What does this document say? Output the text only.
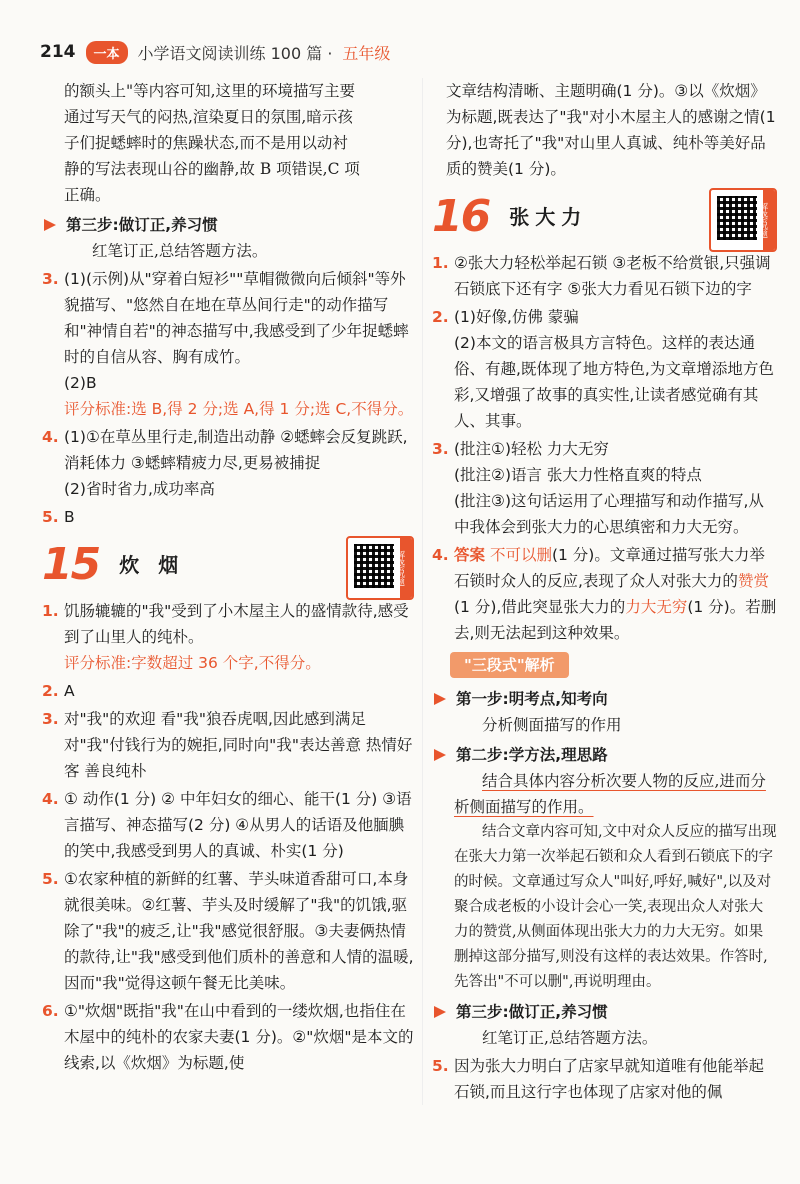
214	一本	小学语文阅读训练 100 篇 · 五年级

的额头上"等内容可知,这里的环境描写主要

通过写天气的闷热,渲染夏日的氛围,暗示孩

子们捉蟋蟀时的焦躁状态,而不是用以动衬

静的写法表现山谷的幽静,故 B 项错误,C 项

正确。

第三步:做订正,养习惯

红笔订正,总结答题方法。

3. (1)(示例)从"穿着白短衫""草帽微微向后倾斜"等外貌描写、"悠然自在地在草丛间行走"的动作描写和"神情自若"的神态描写中,我感受到了少年捉蟋蟀时的自信从容、胸有成竹。

(2)B

评分标准:选 B,得 2 分;选 A,得 1 分;选 C,不得分。

4. (1)①在草丛里行走,制造出动静 ②蟋蟀会反复跳跃,消耗体力 ③蟋蟀精疲力尽,更易被捕捉

(2)省时省力,成功率高

5. B

15 炊 烟	解惑说题
1. 饥肠辘辘的"我"受到了小木屋主人的盛情款待,感受到了山里人的纯朴。

评分标准:字数超过 36 个字,不得分。

2. A

3. 对"我"的欢迎 看"我"狼吞虎咽,因此感到满足 对"我"付钱行为的婉拒,同时向"我"表达善意 热情好客 善良纯朴

4. ① 动作(1 分) ② 中年妇女的细心、能干(1 分) ③语言描写、神态描写(2 分) ④从男人的话语及他腼腆的笑中,我感受到男人的真诚、朴实(1 分)

5. ①农家种植的新鲜的红薯、芋头味道香甜可口,本身就很美味。②红薯、芋头及时缓解了"我"的饥饿,驱除了"我"的疲乏,让"我"感觉很舒服。③夫妻俩热情的款待,让"我"感受到他们质朴的善意和人情的温暖,因而"我"觉得这顿午餐无比美味。

6. ①"炊烟"既指"我"在山中看到的一缕炊烟,也指住在木屋中的纯朴的农家夫妻(1 分)。②"炊烟"是本文的线索,以《炊烟》为标题,使

文章结构清晰、主题明确(1 分)。③以《炊烟》为标题,既表达了"我"对小木屋主人的感谢之情(1 分),也寄托了"我"对山里人真诚、纯朴等美好品质的赞美(1 分)。

16 张大力	解惑说题
1. ②张大力轻松举起石锁 ③老板不给赏银,只强调石锁底下还有字 ⑤张大力看见石锁下边的字

2. (1)好像,仿佛 蒙骗

(2)本文的语言极具方言特色。这样的表达通俗、有趣,既体现了地方特色,为文章增添地方色彩,又增强了故事的真实性,让读者感觉确有其人、其事。

3. (批注①)轻松 力大无穷

(批注②)语言 张大力性格直爽的特点

(批注③)这句话运用了心理描写和动作描写,从中我体会到张大力的心思缜密和力大无穷。

4. 答案 不可以删(1 分)。文章通过描写张大力举石锁时众人的反应,表现了众人对张大力的赞赏(1 分),借此突显张大力的力大无穷(1 分)。若删去,则无法起到这种效果。

"三段式"解析
第一步:明考点,知考向

分析侧面描写的作用

第二步:学方法,理思路

结合具体内容分析次要人物的反应,进而分析侧面描写的作用。

结合文章内容可知,文中对众人反应的描写出现在张大力第一次举起石锁和众人看到石锁底下的字的时候。文章通过写众人"叫好,呼好,喊好",以及对聚合成老板的小设计会心一笑,表现出众人对张大力的赞赏,从侧面体现出张大力的力大无穷。如果删掉这部分描写,则没有这样的表达效果。作答时,先答出"不可以删",再说明理由。

第三步:做订正,养习惯

红笔订正,总结答题方法。

5. 因为张大力明白了店家早就知道唯有他能举起石锁,而且这行字也体现了店家对他的佩
